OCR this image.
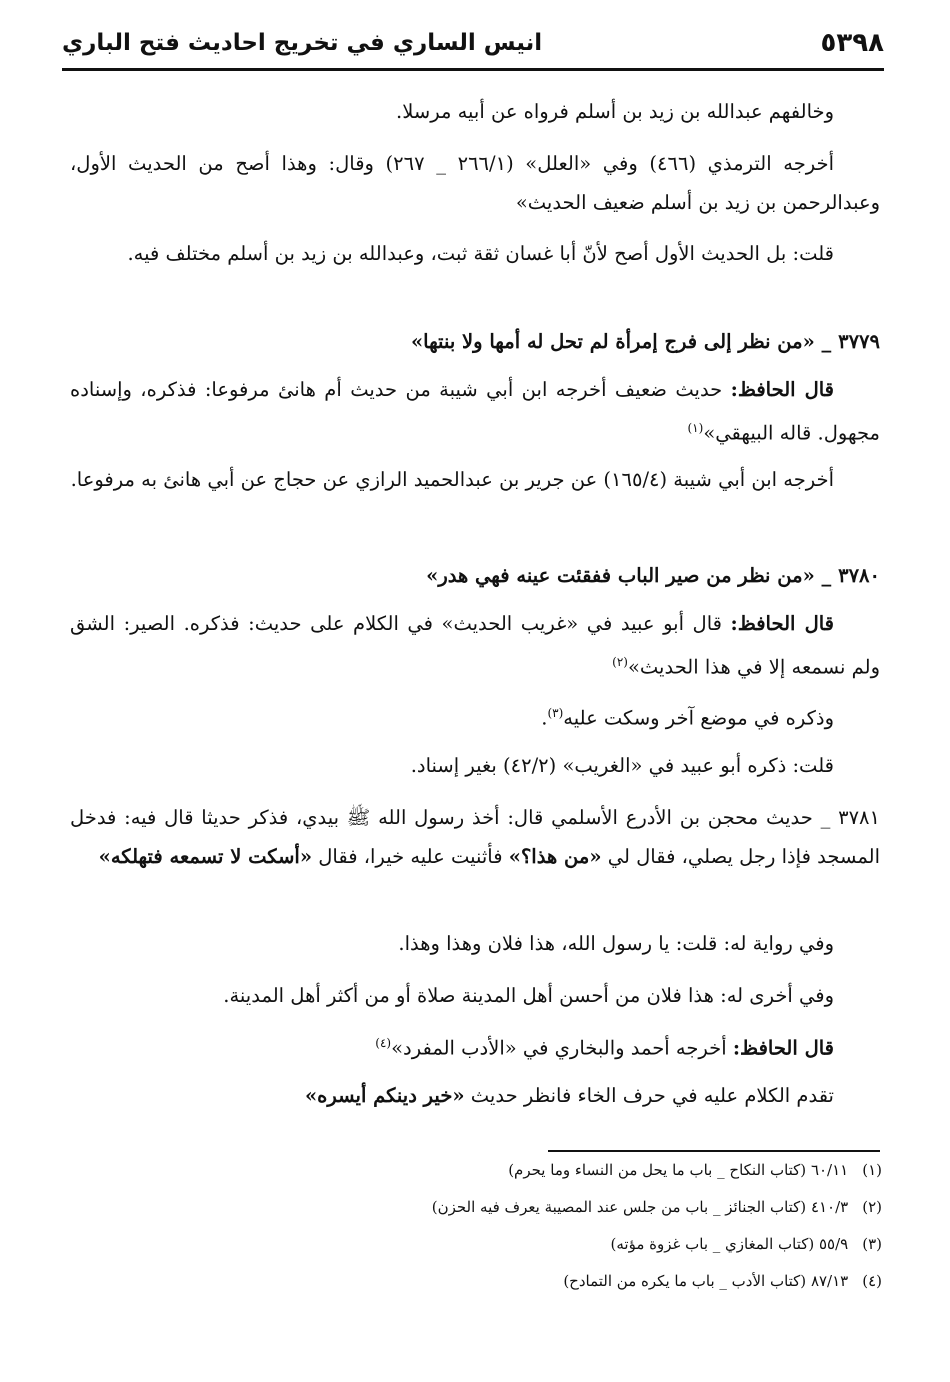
٥٣٩٨
انيس الساري في تخريج احاديث فتح الباري
وخالفهم عبدالله بن زيد بن أسلم فرواه عن أبيه مرسلا.
أخرجه الترمذي (٤٦٦) وفي «العلل» (٢٦٦/١ _ ٢٦٧) وقال: وهذا أصح من الحديث الأول، وعبدالرحمن بن زيد بن أسلم ضعيف الحديث»
قلت: بل الحديث الأول أصح لأنّ أبا غسان ثقة ثبت، وعبدالله بن زيد بن أسلم مختلف فيه.
٣٧٧٩ _ «من نظر إلى فرج إمرأة لم تحل له أمها ولا بنتها»
قال الحافظ: حديث ضعيف أخرجه ابن أبي شيبة من حديث أم هانئ مرفوعا: فذكره، وإسناده مجهول. قاله البيهقي»$^{(١)}$
أخرجه ابن أبي شيبة (١٦٥/٤) عن جرير بن عبدالحميد الرازي عن حجاج عن أبي هانئ به مرفوعا.
٣٧٨٠ _ «من نظر من صير الباب ففقئت عينه فهي هدر»
قال الحافظ: قال أبو عبيد في «غريب الحديث» في الكلام على حديث: فذكره. الصير: الشق ولم نسمعه إلا في هذا الحديث»$^{(٢)}$
وذكره في موضع آخر وسكت عليه$^{(٣)}$.
قلت: ذكره أبو عبيد في «الغريب» (٤٢/٢) بغير إسناد.
٣٧٨١ _ حديث محجن بن الأدرع الأسلمي قال: أخذ رسول الله ﷺ بيدي، فذكر حديثا قال فيه: فدخل المسجد فإذا رجل يصلي، فقال لي «من هذا؟» فأثنيت عليه خيرا، فقال «أسكت لا تسمعه فتهلكه»
وفي رواية له: قلت: يا رسول الله، هذا فلان وهذا وهذا.
وفي أخرى له: هذا فلان من أحسن أهل المدينة صلاة أو من أكثر أهل المدينة.
قال الحافظ: أخرجه أحمد والبخاري في «الأدب المفرد»$^{(٤)}$
تقدم الكلام عليه في حرف الخاء فانظر حديث «خير دينكم أيسره»
(١)
٦٠/١١ (كتاب النكاح _ باب ما يحل من النساء وما يحرم)
(٢)
٤١٠/٣ (كتاب الجنائز _ باب من جلس عند المصيبة يعرف فيه الحزن)
(٣)
٥٥/٩ (كتاب المغازي _ باب غزوة مؤته)
(٤)
٨٧/١٣ (كتاب الأدب _ باب ما يكره من التمادح)
